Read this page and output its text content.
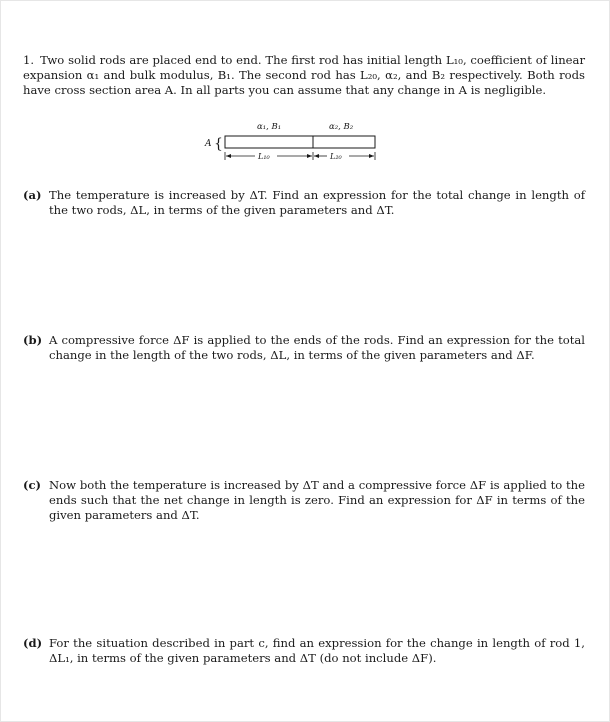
1. Two solid rods are placed end to end. The first rod has initial length L₁₀, coefficient of linear expansion α₁ and bulk modulus, B₁. The second rod has L₂₀, α₂, and B₂ respectively. Both rods have cross section area A. In all parts you can assume that any change in A is negligible.
α₁, B₁	α₂, B₂
A {
L₁₀	L₂₀
(a) The temperature is increased by ΔT. Find an expression for the total change in length of the two rods, ΔL, in terms of the given parameters and ΔT.
(b) A compressive force ΔF is applied to the ends of the rods. Find an expression for the total change in the length of the two rods, ΔL, in terms of the given parameters and ΔF.
(c) Now both the temperature is increased by ΔT and a compressive force ΔF is applied to the ends such that the net change in length is zero. Find an expression for ΔF in terms of the given parameters and ΔT.
(d) For the situation described in part c, find an expression for the change in length of rod 1, ΔL₁, in terms of the given parameters and ΔT (do not include ΔF).
